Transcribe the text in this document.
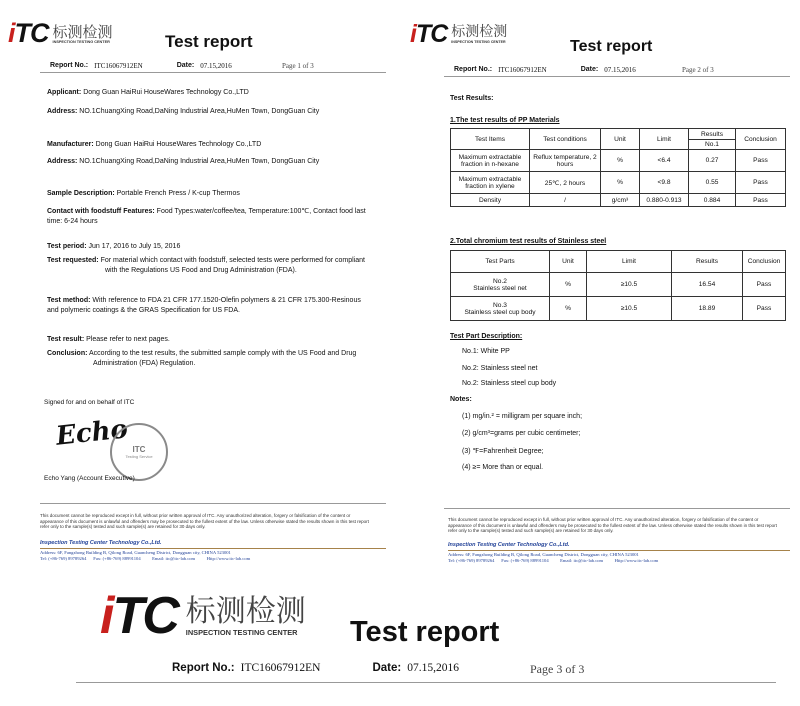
iTC 标测检测
INSPECTION TESTING CENTER	Test report
Report No.: ITC16067912EN	Date: 07.15,2016	Page 1 of 3
Applicant: Dong Guan HaiRui HouseWares Technology Co.,LTD
Address: NO.1ChuangXing Road,DaNing Industrial Area,HuMen Town, DongGuan City
Manufacturer: Dong Guan HaiRui HouseWares Technology Co.,LTD
Address: NO.1ChuangXing Road,DaNing Industrial Area,HuMen Town, DongGuan City
Sample Description: Portable French Press / K-cup Thermos
Contact with foodstuff Features: Food Types:water/coffee/tea, Temperature:100℃, Contact food last
time: 6-24 hours
Test period: Jun 17, 2016 to July 15, 2016
Test requested: For material which contact with foodstuff, selected tests were performed for compliant
with the Regulations US Food and Drug Administration (FDA).
Test method: With reference to FDA 21 CFR 177.1520-Olefin polymers & 21 CFR 175.300-Resinous
and polymeric coatings & the GRAS Specification for US FDA.
Test result: Please refer to next pages.
Conclusion: According to the test results, the submitted sample comply with the US Food and Drug
Administration (FDA) Regulation.
Signed for and on behalf of ITC
Echo ITC
Testing Service
Echo Yang (Account Executive)
This document cannot be reproduced except in full, without prior written approval of ITC. Any unauthorized alteration, forgery or falsification of the content or
appearance of this document is unlawful and offenders may be prosecuted to the fullest extent of the law. Unless otherwise stated the results shown in this test report
refer only to the sample(s) tested and such sample(s) are retained for 30 days only.
Inspection Testing Center Technology Co.,Ltd.
Address: 6F, Fangzhong Building B, Qilong Road, Guancheng District, Dongguan city, CHINA 523001
Tel: (+86-769) 89789264      Fax: (+86-769) 88991104          Email: itc@itc-lab.com          Http://www.itc-lab.com
iTC 标测检测
INSPECTION TESTING CENTER	Test report
Report No.: ITC16067912EN	Date: 07.15,2016	Page 2 of 3
Test Results:
1.The test results of PP Materials
Test Items	Test conditions	Unit	Limit	Results	Conclusion
				No.1	
Maximum extractable fraction in n-hexane	Reflux temperature, 2 hours	%	<6.4	0.27	Pass
Maximum extractable fraction in xylene	25℃, 2 hours	%	<9.8	0.55	Pass
Density	/	g/cm³	0.880-0.913	0.884	Pass
2.Total chromium test results of Stainless steel
Test Parts	Unit	Limit	Results	Conclusion
No.2
Stainless steel net	%	≥10.5	16.54	Pass
No.3
Stainless steel cup body	%	≥10.5	18.89	Pass
Test Part Description:
No.1: White PP
No.2: Stainless steel net
No.2: Stainless steel cup body
Notes:
(1) mg/in.² = milligram per square inch;
(2) g/cm³=grams per cubic centimeter;
(3) ℉=Fahrenheit Degree;
(4) ≥= More than or equal.
This document cannot be reproduced except in full, without prior written approval of ITC. Any unauthorized alteration, forgery or falsification of the content or
appearance of this document is unlawful and offenders may be prosecuted to the fullest extent of the law. Unless otherwise stated the results shown in this test report
refer only to the sample(s) tested and such sample(s) are retained for 30 days only.
Inspection Testing Center Technology Co.,Ltd.
Address: 6F, Fangzhong Building B, Qilong Road, Guancheng District, Dongguan city, CHINA 523001
Tel: (+86-769) 89789264      Fax: (+86-769) 88991104          Email: itc@itc-lab.com          Http://www.itc-lab.com
iTC 标测检测
INSPECTION TESTING CENTER Test report
Report No.: ITC16067912EN	Date: 07.15,2016	Page 3 of 3
